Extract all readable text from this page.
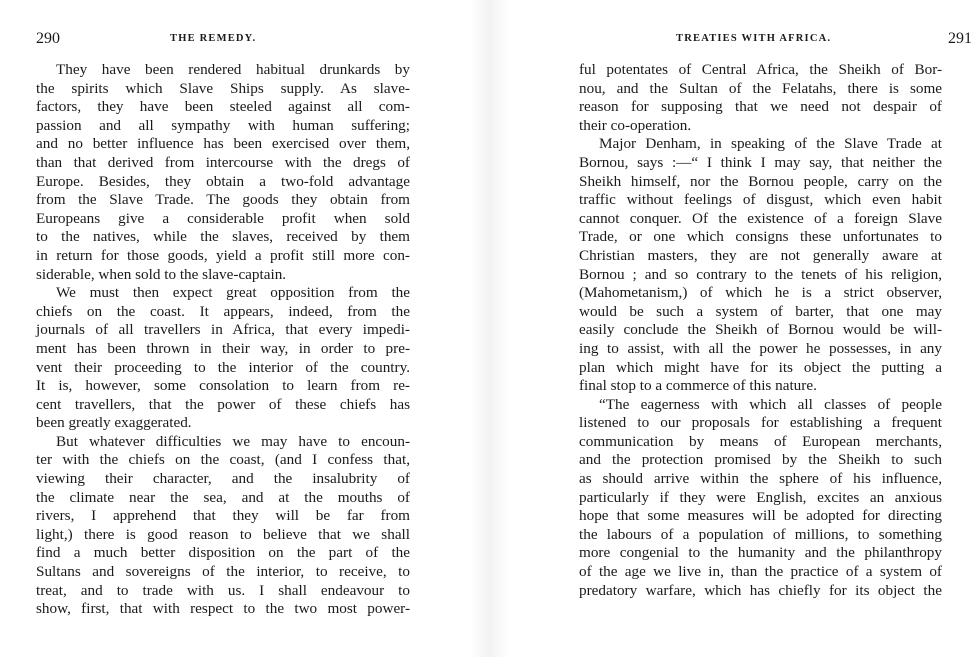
290	THE REMEDY.
They have been rendered habitual drunkards by
the spirits which Slave Ships supply. As slave-
factors, they have been steeled against all com-
passion and all sympathy with human suffering;
and no better influence has been exercised over them,
than that derived from intercourse with the dregs of
Europe. Besides, they obtain a two-fold advantage
from the Slave Trade. The goods they obtain from
Europeans give a considerable profit when sold
to the natives, while the slaves, received by them
in return for those goods, yield a profit still more con-
siderable, when sold to the slave-captain.
We must then expect great opposition from the
chiefs on the coast. It appears, indeed, from the
journals of all travellers in Africa, that every impedi-
ment has been thrown in their way, in order to pre-
vent their proceeding to the interior of the country.
It is, however, some consolation to learn from re-
cent travellers, that the power of these chiefs has
been greatly exaggerated.
But whatever difficulties we may have to encoun-
ter with the chiefs on the coast, (and I confess that,
viewing their character, and the insalubrity of
the climate near the sea, and at the mouths of
rivers, I apprehend that they will be far from
light,) there is good reason to believe that we shall
find a much better disposition on the part of the
Sultans and sovereigns of the interior, to receive, to
treat, and to trade with us. I shall endeavour to
show, first, that with respect to the two most power-
TREATIES WITH AFRICA.	291
ful potentates of Central Africa, the Sheikh of Bor-
nou, and the Sultan of the Felatahs, there is some
reason for supposing that we need not despair of
their co-operation.
Major Denham, in speaking of the Slave Trade at
Bornou, says :—“ I think I may say, that neither the
Sheikh himself, nor the Bornou people, carry on the
traffic without feelings of disgust, which even habit
cannot conquer. Of the existence of a foreign Slave
Trade, or one which consigns these unfortunates to
Christian masters, they are not generally aware at
Bornou ; and so contrary to the tenets of his religion,
(Mahometanism,) of which he is a strict observer,
would be such a system of barter, that one may
easily conclude the Sheikh of Bornou would be will-
ing to assist, with all the power he possesses, in any
plan which might have for its object the putting a
final stop to a commerce of this nature.
“The eagerness with which all classes of people
listened to our proposals for establishing a frequent
communication by means of European merchants,
and the protection promised by the Sheikh to such
as should arrive within the sphere of his influence,
particularly if they were English, excites an anxious
hope that some measures will be adopted for directing
the labours of a population of millions, to something
more congenial to the humanity and the philanthropy
of the age we live in, than the practice of a system of
predatory warfare, which has chiefly for its object the
